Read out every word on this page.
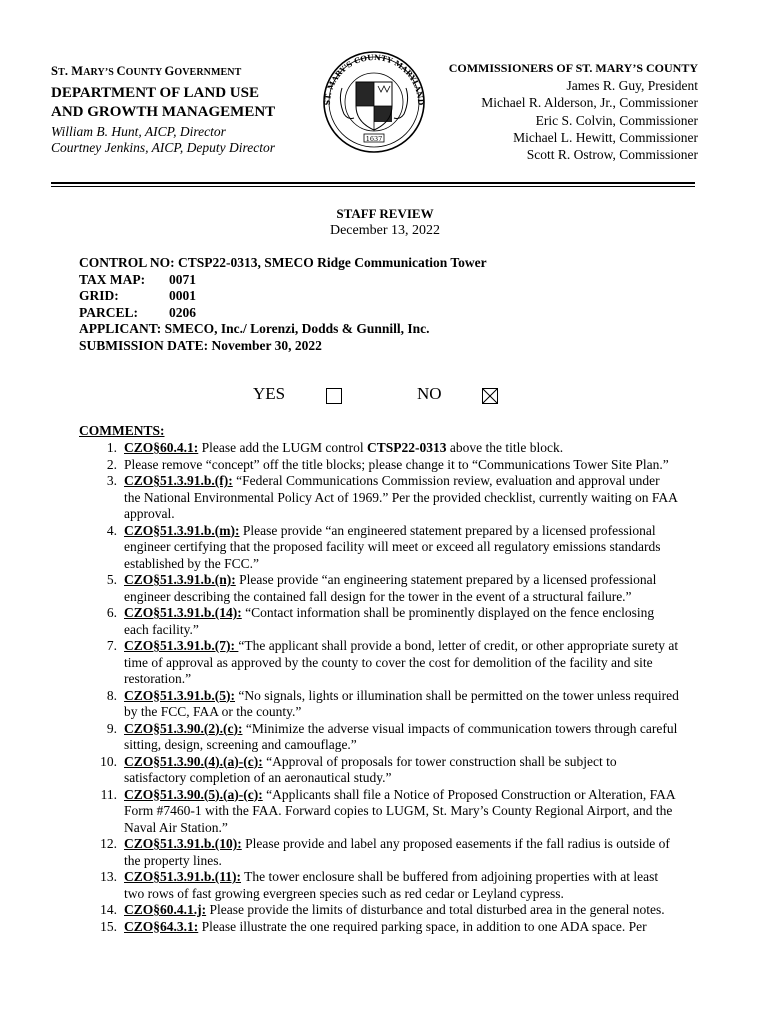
ST. MARY’S COUNTY GOVERNMENT
DEPARTMENT OF LAND USE
AND GROWTH MANAGEMENT
William B. Hunt, AICP, Director
Courtney Jenkins, AICP, Deputy Director
ST. MARY'S COUNTY MARYLAND
1637
COMMISSIONERS OF ST. MARY’S COUNTY
James R. Guy, President
Michael R. Alderson, Jr., Commissioner
Eric S. Colvin, Commissioner
Michael L. Hewitt, Commissioner
Scott R. Ostrow, Commissioner
STAFF REVIEW
December 13, 2022
CONTROL NO: CTSP22-0313, SMECO Ridge Communication Tower
TAX MAP: 0071
GRID:	0001
PARCEL: 0206
APPLICANT: SMECO, Inc./ Lorenzi, Dodds & Gunnill, Inc.
SUBMISSION DATE: November 30, 2022
YES	NO
COMMENTS:
1. CZO§60.4.1: Please add the LUGM control CTSP22-0313 above the title block.
2. Please remove “concept” off the title blocks; please change it to “Communications Tower Site Plan.”
3. CZO§51.3.91.b.(f): “Federal Communications Commission review, evaluation and approval under the National Environmental Policy Act of 1969.” Per the provided checklist, currently waiting on FAA approval.
4. CZO§51.3.91.b.(m): Please provide “an engineered statement prepared by a licensed professional engineer certifying that the proposed facility will meet or exceed all regulatory emissions standards established by the FCC.”
5. CZO§51.3.91.b.(n): Please provide “an engineering statement prepared by a licensed professional engineer describing the contained fall design for the tower in the event of a structural failure.”
6. CZO§51.3.91.b.(14): “Contact information shall be prominently displayed on the fence enclosing each facility.”
7. CZO§51.3.91.b.(7): “The applicant shall provide a bond, letter of credit, or other appropriate surety at time of approval as approved by the county to cover the cost for demolition of the facility and site restoration.”
8. CZO§51.3.91.b.(5): “No signals, lights or illumination shall be permitted on the tower unless required by the FCC, FAA or the county.”
9. CZO§51.3.90.(2).(c): “Minimize the adverse visual impacts of communication towers through careful sitting, design, screening and camouflage.”
10. CZO§51.3.90.(4).(a)-(c): “Approval of proposals for tower construction shall be subject to satisfactory completion of an aeronautical study.”
11. CZO§51.3.90.(5).(a)-(c): “Applicants shall file a Notice of Proposed Construction or Alteration, FAA Form #7460-1 with the FAA. Forward copies to LUGM, St. Mary’s County Regional Airport, and the Naval Air Station.”
12. CZO§51.3.91.b.(10): Please provide and label any proposed easements if the fall radius is outside of the property lines.
13. CZO§51.3.91.b.(11): The tower enclosure shall be buffered from adjoining properties with at least two rows of fast growing evergreen species such as red cedar or Leyland cypress.
14. CZO§60.4.1.j: Please provide the limits of disturbance and total disturbed area in the general notes.
15. CZO§64.3.1: Please illustrate the one required parking space, in addition to one ADA space. Per
